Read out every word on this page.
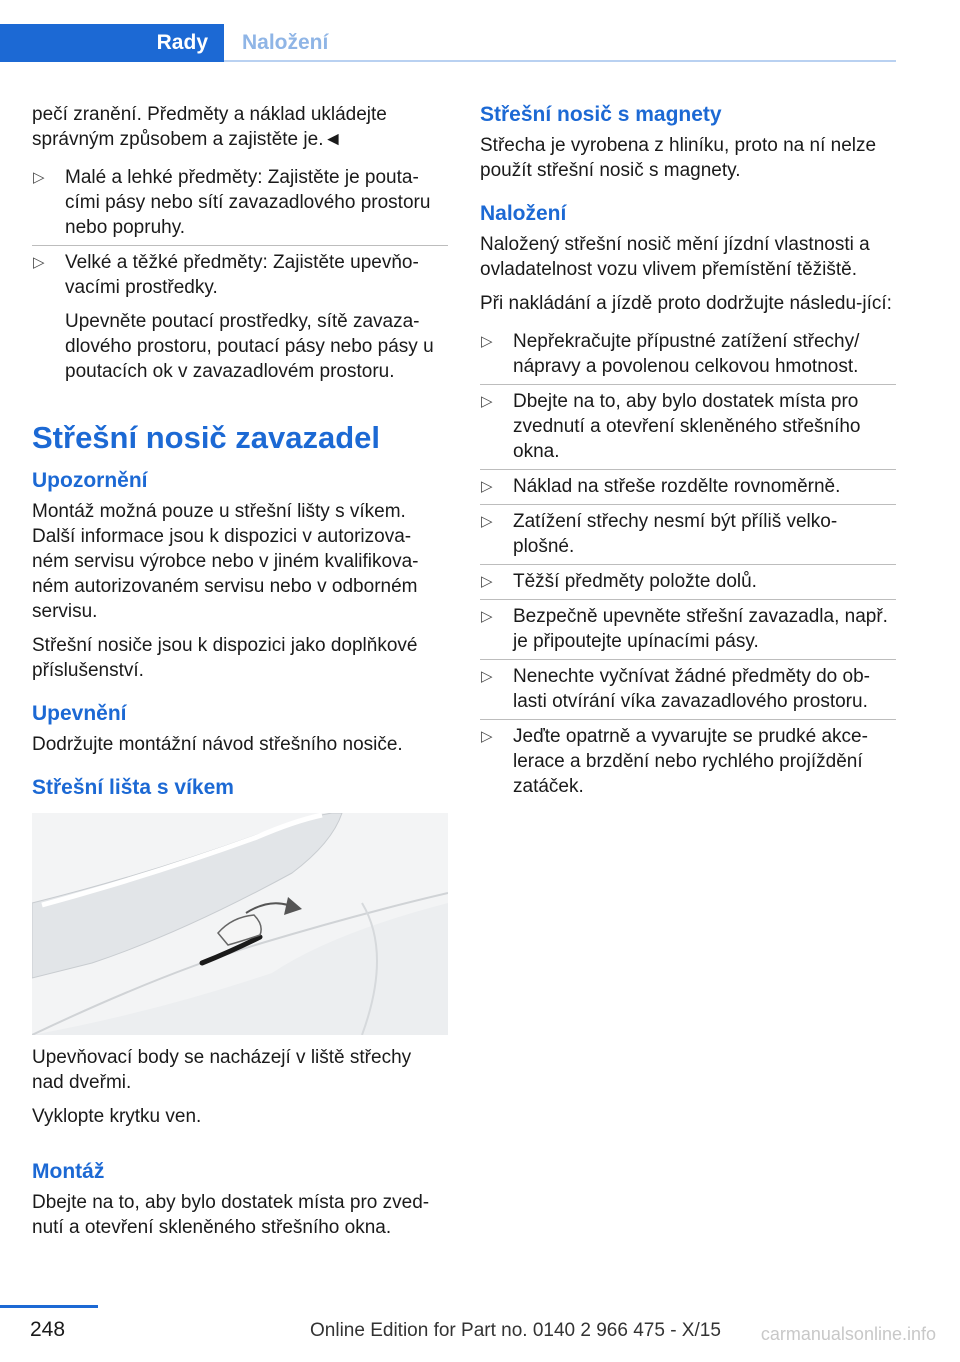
Rady	Naložení

pečí zranění. Předměty a náklad ukládejte správným způsobem a zajistěte je.◄

▷ Malé a lehké předměty: Zajistěte je pouta-cími pásy nebo sítí zavazadlového prostoru nebo popruhy.
▷ Velké a těžké předměty: Zajistěte upevňo-vacími prostředky.

Upevněte poutací prostředky, sítě zavaza-dlového prostoru, poutací pásy nebo pásy u poutacích ok v zavazadlovém prostoru.

Střešní nosič zavazadel
Upozornění

Montáž možná pouze u střešní lišty s víkem. Další informace jsou k dispozici v autorizova-ném servisu výrobce nebo v jiném kvalifikova-ném autorizovaném servisu nebo v odborném servisu.

Střešní nosiče jsou k dispozici jako doplňkové příslušenství.

Upevnění

Dodržujte montážní návod střešního nosiče.

Střešní lišta s víkem

Upevňovací body se nacházejí v liště střechy nad dveřmi.

Vyklopte krytku ven.

Montáž

Dbejte na to, aby bylo dostatek místa pro zved-nutí a otevření skleněného střešního okna.

Střešní nosič s magnety

Střecha je vyrobena z hliníku, proto na ní nelze použít střešní nosič s magnety.

Naložení

Naložený střešní nosič mění jízdní vlastnosti a ovladatelnost vozu vlivem přemístění těžiště.

Při nakládání a jízdě proto dodržujte následu-jící:

▷ Nepřekračujte přípustné zatížení střechy/ nápravy a povolenou celkovou hmotnost.
▷ Dbejte na to, aby bylo dostatek místa pro zvednutí a otevření skleněného střešního okna.
▷ Náklad na střeše rozdělte rovnoměrně.
▷ Zatížení střechy nesmí být příliš velko-plošné.
▷ Těžší předměty položte dolů.
▷ Bezpečně upevněte střešní zavazadla, např. je připoutejte upínacími pásy.
▷ Nenechte vyčnívat žádné předměty do ob-lasti otvírání víka zavazadlového prostoru.
▷ Jeďte opatrně a vyvarujte se prudké akce-lerace a brzdění nebo rychlého projíždění zatáček.
248	Online Edition for Part no. 0140 2 966 475 - X/15 carmanualsonline.info
